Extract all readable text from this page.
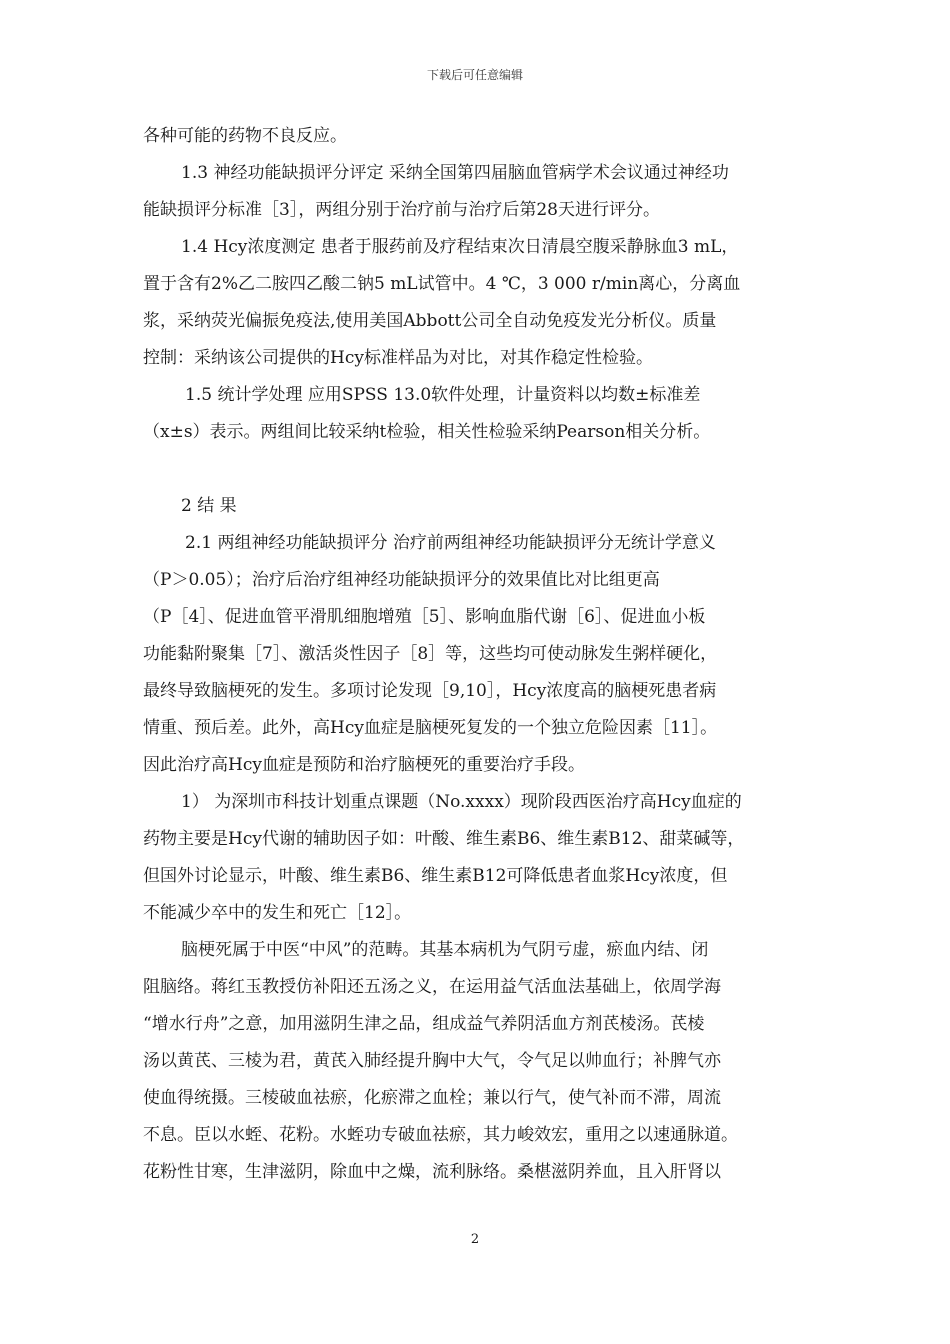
下载后可任意编辑
各种可能的药物不良反应。
1.3 神经功能缺损评分评定 采纳全国第四届脑血管病学术会议通过神经功
能缺损评分标准［3］，两组分别于治疗前与治疗后第28天进行评分。
1.4 Hcy浓度测定 患者于服药前及疗程结束次日清晨空腹采静脉血3 mL，
置于含有2%乙二胺四乙酸二钠5 mL试管中。4 ℃，3 000 r/min离心，分离血
浆，采纳荧光偏振免疫法,使用美国Abbott公司全自动免疫发光分析仪。质量
控制：采纳该公司提供的Hcy标准样品为对比，对其作稳定性检验。
1.5 统计学处理 应用SPSS 13.0软件处理，计量资料以均数±标准差
（x±s）表示。两组间比较采纳t检验，相关性检验采纳Pearson相关分析。
2 结 果
2.1 两组神经功能缺损评分 治疗前两组神经功能缺损评分无统计学意义
（P＞0.05）；治疗后治疗组神经功能缺损评分的效果值比对比组更高
（P［4］、促进血管平滑肌细胞增殖［5］、影响血脂代谢［6］、促进血小板
功能黏附聚集［7］、激活炎性因子［8］等，这些均可使动脉发生粥样硬化，
最终导致脑梗死的发生。多项讨论发现［9,10］，Hcy浓度高的脑梗死患者病
情重、预后差。此外，高Hcy血症是脑梗死复发的一个独立危险因素［11］。
因此治疗高Hcy血症是预防和治疗脑梗死的重要治疗手段。
1） 为深圳市科技计划重点课题（No.xxxx）现阶段西医治疗高Hcy血症的
药物主要是Hcy代谢的辅助因子如：叶酸、维生素B6、维生素B12、甜菜碱等，
但国外讨论显示，叶酸、维生素B6、维生素B12可降低患者血浆Hcy浓度，但
不能减少卒中的发生和死亡［12］。
脑梗死属于中医“中风”的范畴。其基本病机为气阴亏虚，瘀血内结、闭
阻脑络。蒋红玉教授仿补阳还五汤之义，在运用益气活血法基础上，依周学海
“增水行舟”之意，加用滋阴生津之品，组成益气养阴活血方剂芪棱汤。芪棱
汤以黄芪、三棱为君，黄芪入肺经提升胸中大气，令气足以帅血行；补脾气亦
使血得统摄。三棱破血祛瘀，化瘀滞之血栓；兼以行气，使气补而不滞，周流
不息。臣以水蛭、花粉。水蛭功专破血祛瘀，其力峻效宏，重用之以速通脉道。
花粉性甘寒，生津滋阴，除血中之燥，流利脉络。桑椹滋阴养血，且入肝肾以
2
